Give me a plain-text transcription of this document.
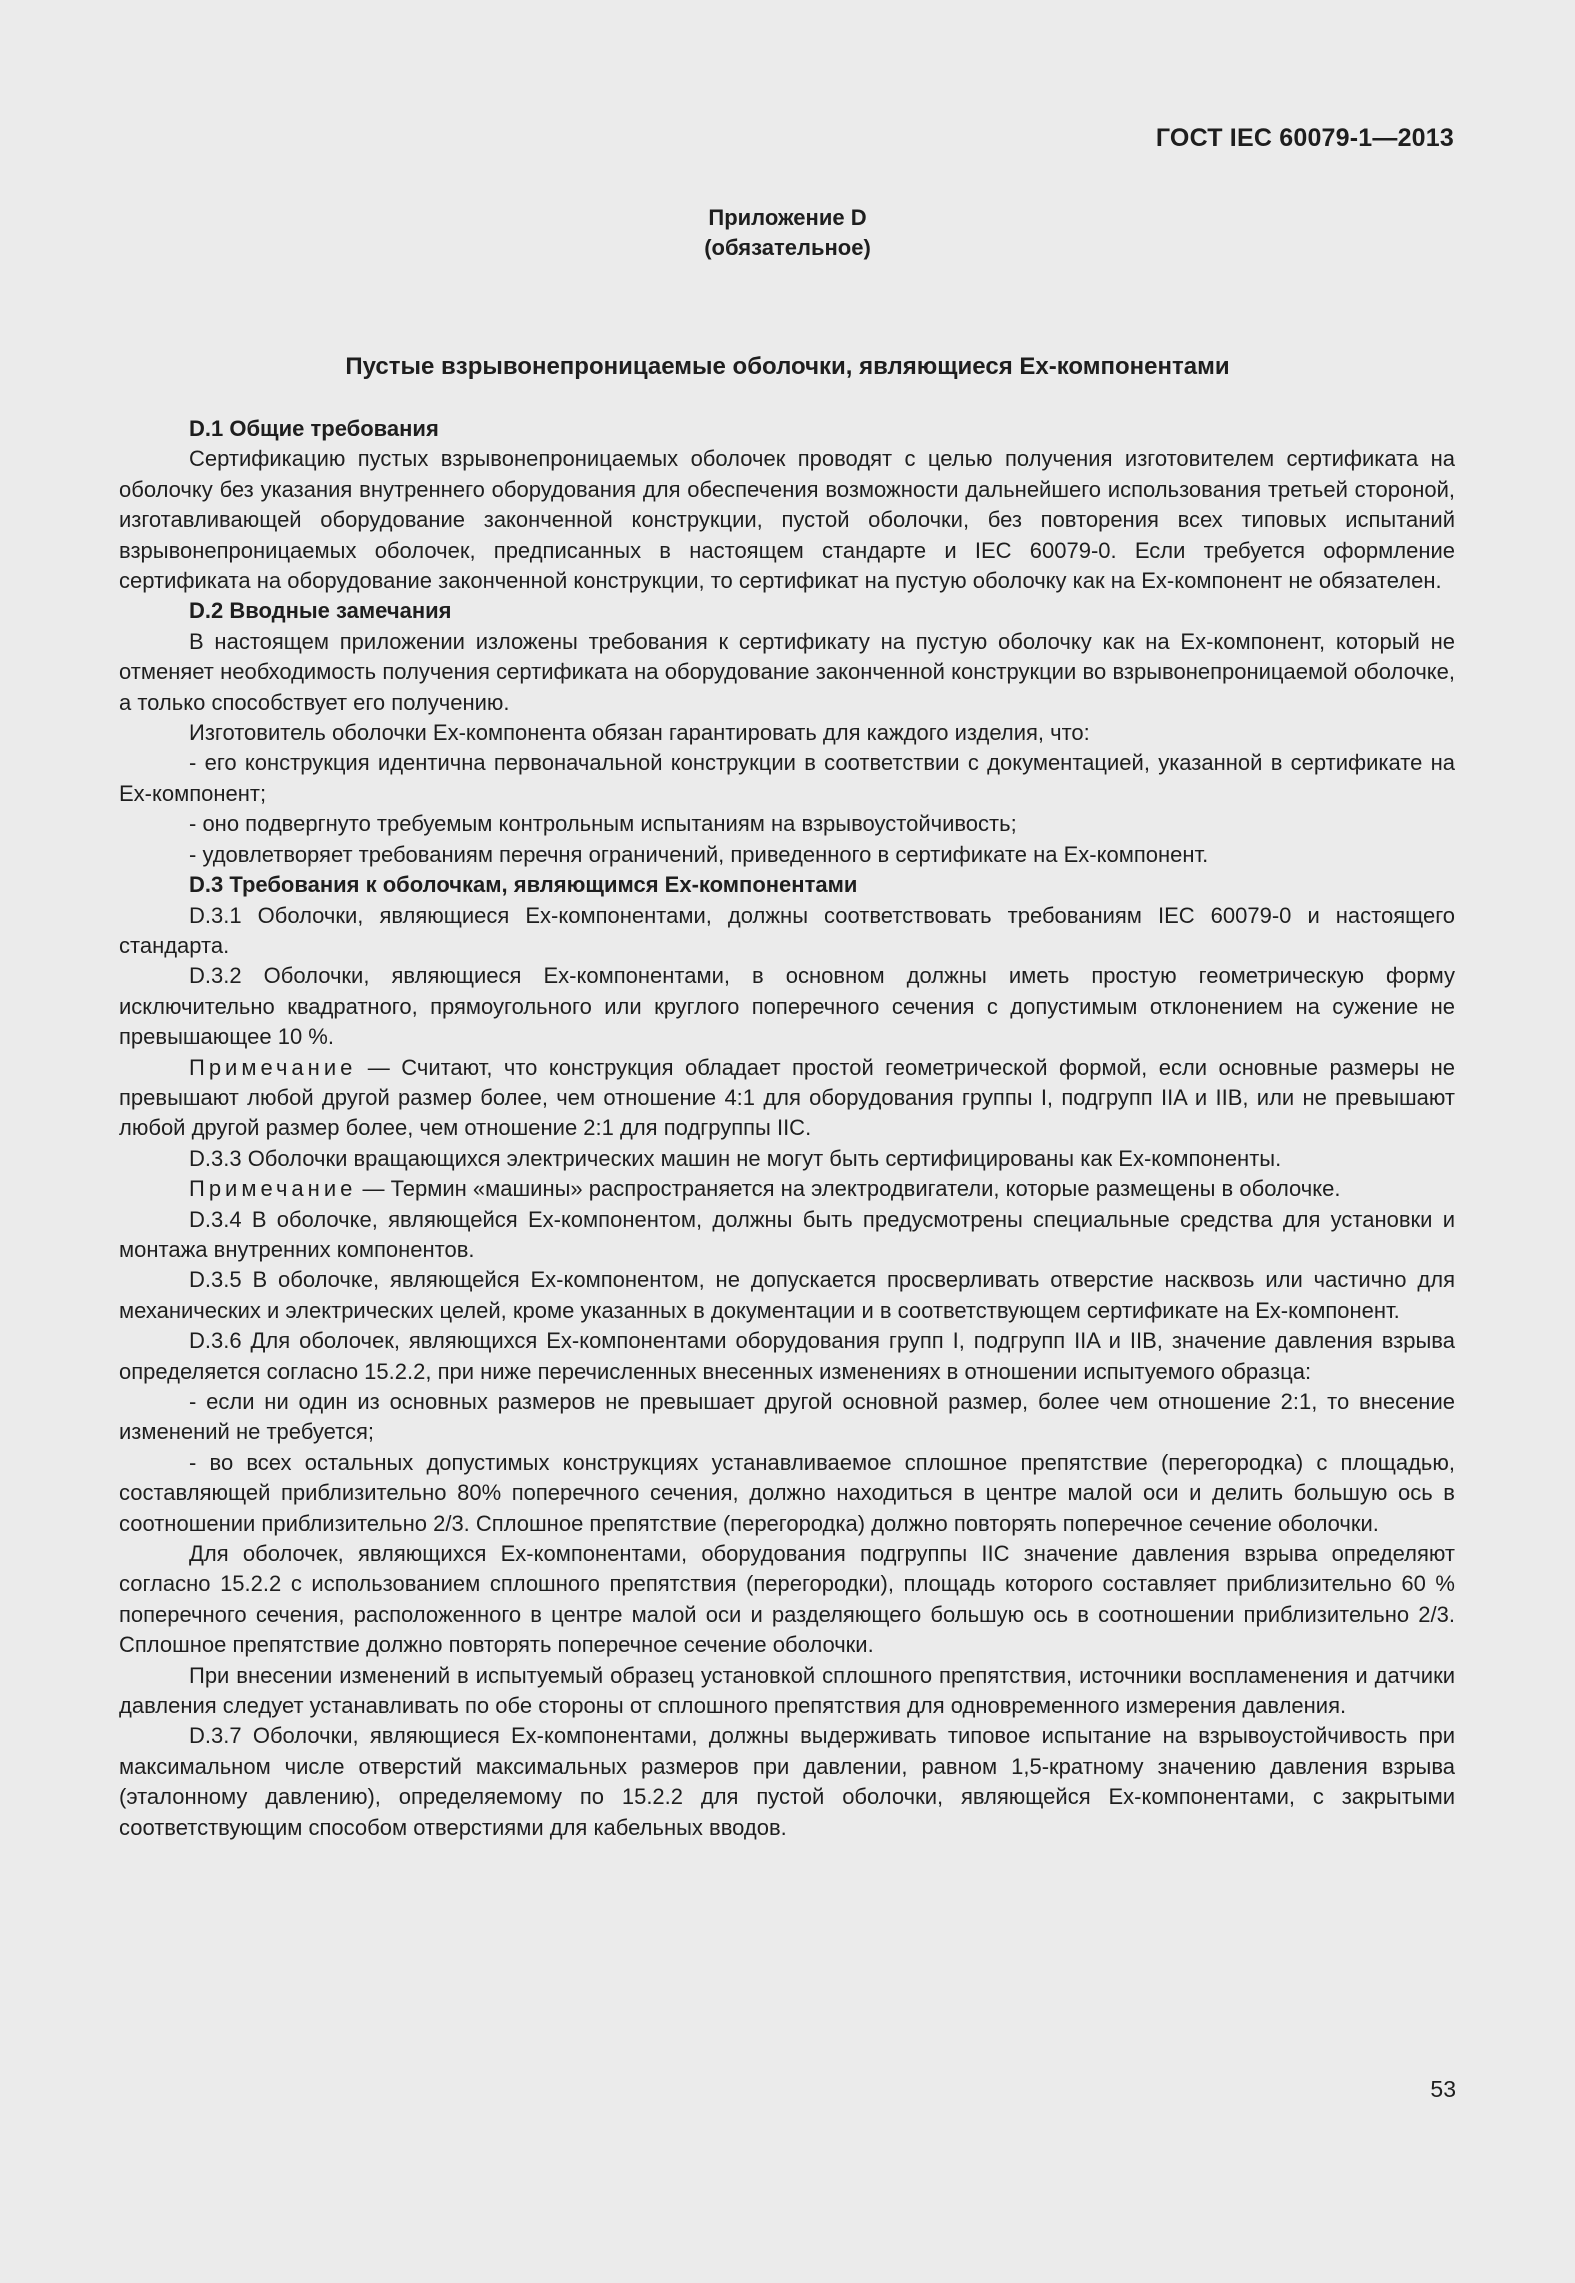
ГОСТ IEC 60079-1—2013
Приложение D
(обязательное)
Пустые взрывонепроницаемые оболочки, являющиеся Ex-компонентами

D.1 Общие требования

Сертификацию пустых взрывонепроницаемых оболочек проводят с целью получения изготовителем сертификата на оболочку без указания внутреннего оборудования для обеспечения возможности дальнейшего использования третьей стороной, изготавливающей оборудование законченной конструкции, пустой оболочки, без повторения всех типовых испытаний взрывонепроницаемых оболочек, предписанных в настоящем стандарте и IEC 60079-0. Если требуется оформление сертификата на оборудование законченной конструкции, то сертификат на пустую оболочку как на Ex-компонент не обязателен.

D.2 Вводные замечания

В настоящем приложении изложены требования к сертификату на пустую оболочку как на Ex-компонент, который не отменяет необходимость получения сертификата на оборудование законченной конструкции во взрывонепроницаемой оболочке, а только способствует его получению.

Изготовитель оболочки Ex-компонента обязан гарантировать для каждого изделия, что:

- его конструкция идентична первоначальной конструкции в соответствии с документацией, указанной в сертификате на Ex-компонент;

- оно подвергнуто требуемым контрольным испытаниям на взрывоустойчивость;

- удовлетворяет требованиям перечня ограничений, приведенного в сертификате на Ex-компонент.

D.3 Требования к оболочкам, являющимся Ex-компонентами

D.3.1 Оболочки, являющиеся Ex-компонентами, должны соответствовать требованиям IEC 60079-0 и настоящего стандарта.

D.3.2 Оболочки, являющиеся Ex-компонентами, в основном должны иметь простую геометрическую форму исключительно квадратного, прямоугольного или круглого поперечного сечения с допустимым отклонением на сужение не превышающее 10 %.

Примечание — Считают, что конструкция обладает простой геометрической формой, если основные размеры не превышают любой другой размер более, чем отношение 4:1 для оборудования группы I, подгрупп IIA и IIB, или не превышают любой другой размер более, чем отношение 2:1 для подгруппы IIC.

D.3.3 Оболочки вращающихся электрических машин не могут быть сертифицированы как Ex-компоненты.

Примечание — Термин «машины» распространяется на электродвигатели, которые размещены в оболочке.

D.3.4 В оболочке, являющейся Ex-компонентом, должны быть предусмотрены специальные средства для установки и монтажа внутренних компонентов.

D.3.5 В оболочке, являющейся Ex-компонентом, не допускается просверливать отверстие насквозь или частично для механических и электрических целей, кроме указанных в документации и в соответствующем сертификате на Ex-компонент.

D.3.6 Для оболочек, являющихся Ex-компонентами оборудования групп I, подгрупп IIA и IIB, значение давления взрыва определяется согласно 15.2.2, при ниже перечисленных внесенных изменениях в отношении испытуемого образца:

- если ни один из основных размеров не превышает другой основной размер, более чем отношение 2:1, то внесение изменений не требуется;

- во всех остальных допустимых конструкциях устанавливаемое сплошное препятствие (перегородка) с площадью, составляющей приблизительно 80% поперечного сечения, должно находиться в центре малой оси и делить большую ось в соотношении приблизительно 2/3. Сплошное препятствие (перегородка) должно повторять поперечное сечение оболочки.

Для оболочек, являющихся Ex-компонентами, оборудования подгруппы IIC значение давления взрыва определяют согласно 15.2.2 с использованием сплошного препятствия (перегородки), площадь которого составляет приблизительно 60 % поперечного сечения, расположенного в центре малой оси и разделяющего большую ось в соотношении приблизительно 2/3. Сплошное препятствие должно повторять поперечное сечение оболочки.

При внесении изменений в испытуемый образец установкой сплошного препятствия, источники воспламенения и датчики давления следует устанавливать по обе стороны от сплошного препятствия для одновременного измерения давления.

D.3.7 Оболочки, являющиеся Ex-компонентами, должны выдерживать типовое испытание на взрывоустойчивость при максимальном числе отверстий максимальных размеров при давлении, равном 1,5-кратному значению давления взрыва (эталонному давлению), определяемому по 15.2.2 для пустой оболочки, являющейся Ex-компонентами, с закрытыми соответствующим способом отверстиями для кабельных вводов.

53
